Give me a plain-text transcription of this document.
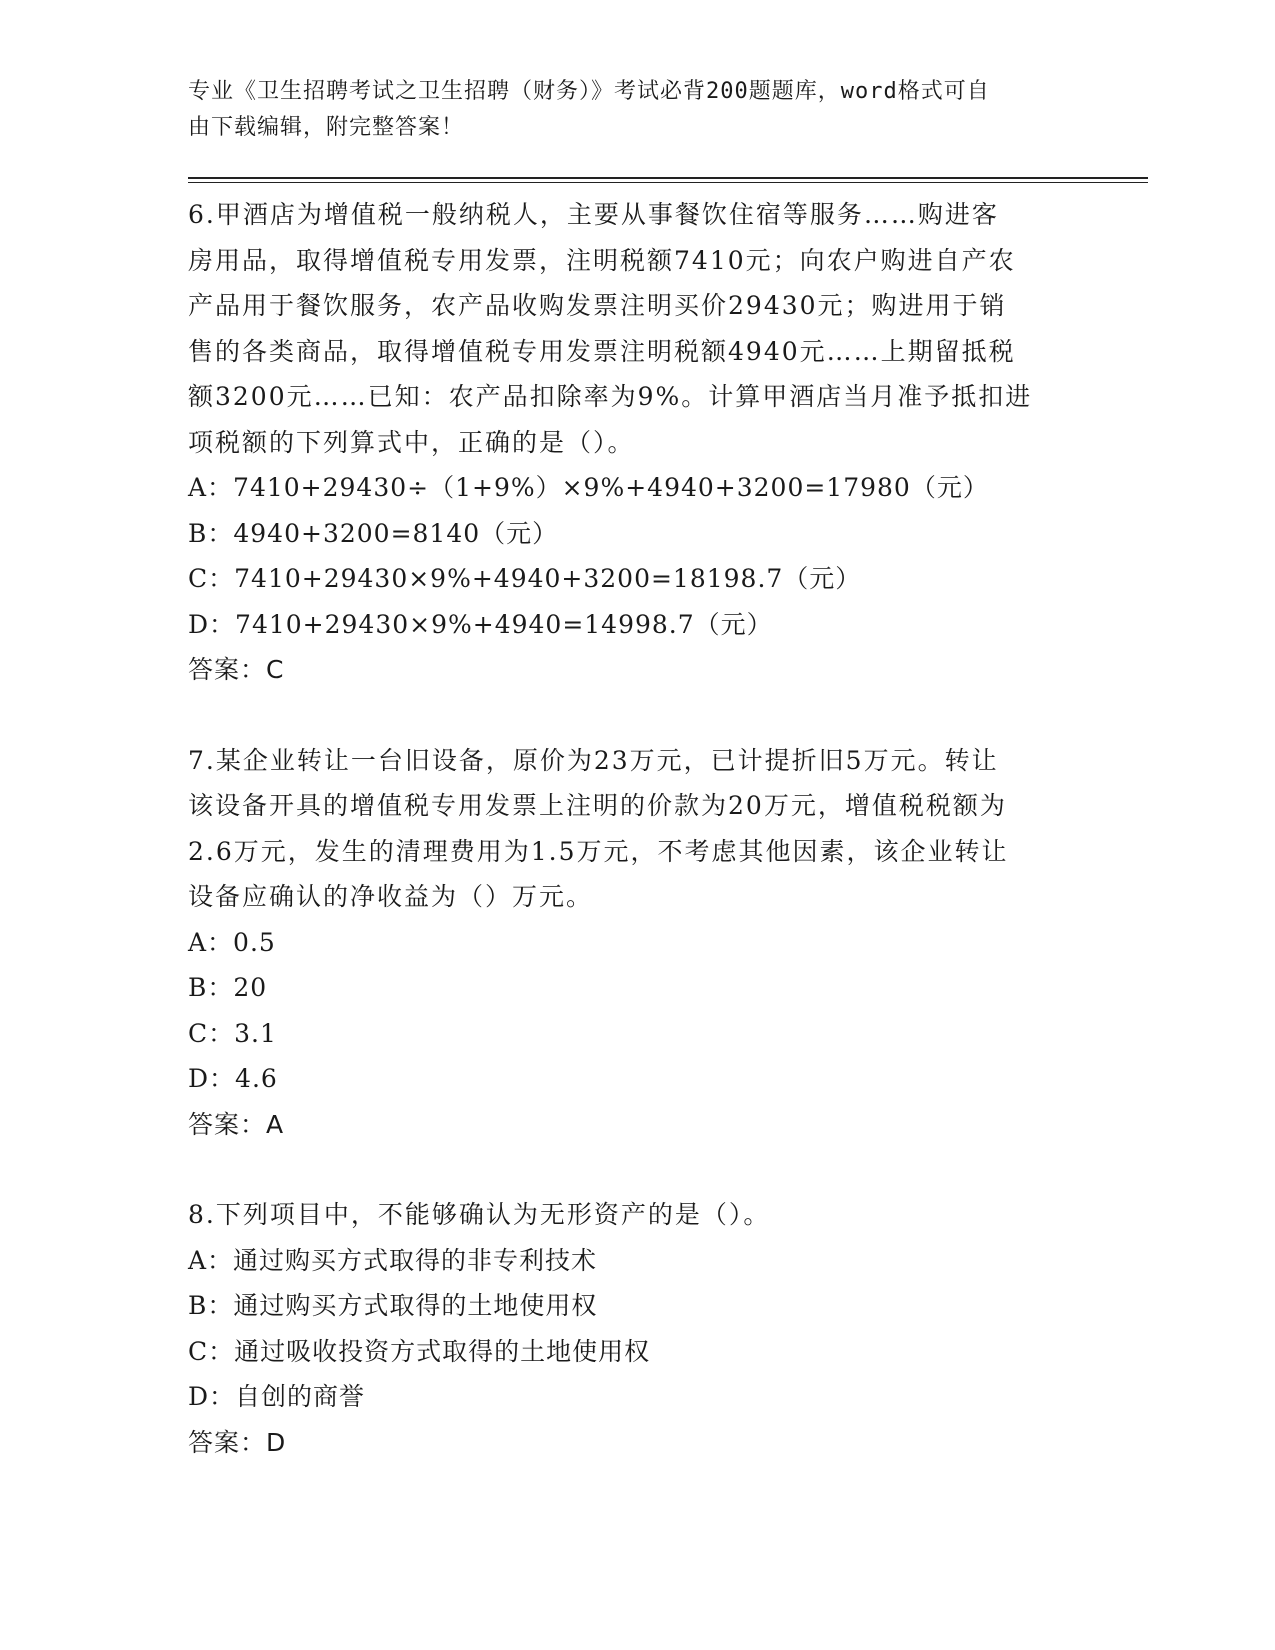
专业《卫生招聘考试之卫生招聘（财务）》考试必背200题题库，word格式可自
由下载编辑，附完整答案！

6.甲酒店为增值税一般纳税人，主要从事餐饮住宿等服务……购进客

房用品，取得增值税专用发票，注明税额7410元；向农户购进自产农

产品用于餐饮服务，农产品收购发票注明买价29430元；购进用于销

售的各类商品，取得增值税专用发票注明税额4940元……上期留抵税

额3200元……已知：农产品扣除率为9%。计算甲酒店当月准予抵扣进

项税额的下列算式中，正确的是（）。

A：7410+29430÷（1+9%）×9%+4940+3200=17980（元）

B：4940+3200=8140（元）

C：7410+29430×9%+4940+3200=18198.7（元）

D：7410+29430×9%+4940=14998.7（元）

答案：C

7.某企业转让一台旧设备，原价为23万元，已计提折旧5万元。转让

该设备开具的增值税专用发票上注明的价款为20万元，增值税税额为

2.6万元，发生的清理费用为1.5万元，不考虑其他因素，该企业转让

设备应确认的净收益为（）万元。

A：0.5

B：20

C：3.1

D：4.6

答案：A

8.下列项目中，不能够确认为无形资产的是（）。

A：通过购买方式取得的非专利技术

B：通过购买方式取得的土地使用权

C：通过吸收投资方式取得的土地使用权

D：自创的商誉

答案：D
